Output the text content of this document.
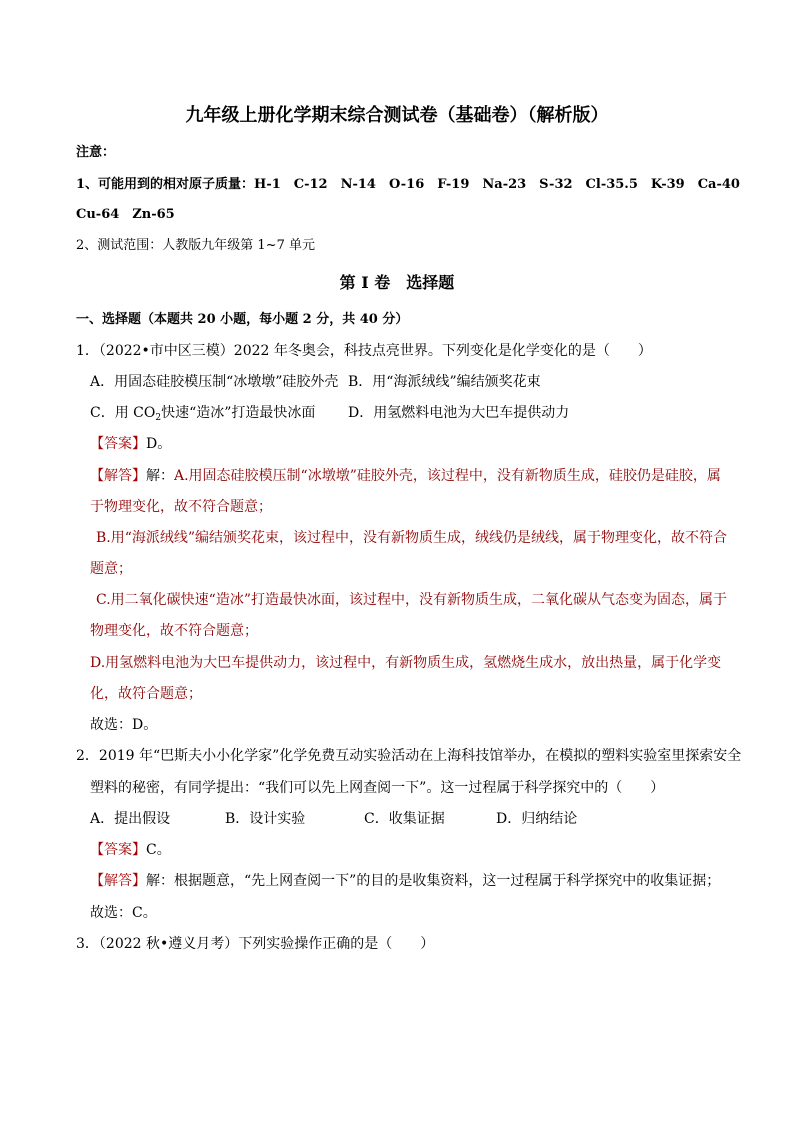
九年级上册化学期末综合测试卷（基础卷）（解析版）
注意：
1、可能用到的相对原子质量：H-1　C-12　N-14　O-16　F-19　Na-23　S-32　Cl-35.5　K-39　Ca-40
Cu-64　Zn-65
2、测试范围：人教版九年级第 1~7 单元
第 I 卷　选择题
一、选择题（本题共 20 小题，每小题 2 分，共 40 分）
1．（2022•市中区三模）2022 年冬奥会，科技点亮世界。下列变化是化学变化的是（　　）
A．用固态硅胶模压制“冰墩墩”硅胶外壳 B．用“海派绒线”编结颁奖花束
C．用 $CO_2$快速“造冰”打造最快冰面 D．用氢燃料电池为大巴车提供动力
【答案】D。
【解答】解：A.用固态硅胶模压制“冰墩墩”硅胶外壳，该过程中，没有新物质生成，硅胶仍是硅胶，属
于物理变化，故不符合题意；
B.用“海派绒线”编结颁奖花束，该过程中，没有新物质生成，绒线仍是绒线，属于物理变化，故不符合
题意；
C.用二氧化碳快速“造冰”打造最快冰面，该过程中，没有新物质生成，二氧化碳从气态变为固态，属于
物理变化，故不符合题意；
D.用氢燃料电池为大巴车提供动力，该过程中，有新物质生成，氢燃烧生成水，放出热量，属于化学变
化，故符合题意；
故选：D。
2．2019 年“巴斯夫小小化学家”化学免费互动实验活动在上海科技馆举办，在模拟的塑料实验室里探索安全
塑料的秘密，有同学提出：“我们可以先上网查阅一下”。这一过程属于科学探究中的（　　）
A．提出假设	B．设计实验	C．收集证据	D．归纳结论
【答案】C。
【解答】解：根据题意，“先上网查阅一下”的目的是收集资料，这一过程属于科学探究中的收集证据；
故选：C。
3．（2022 秋•遵义月考）下列实验操作正确的是（　　）
